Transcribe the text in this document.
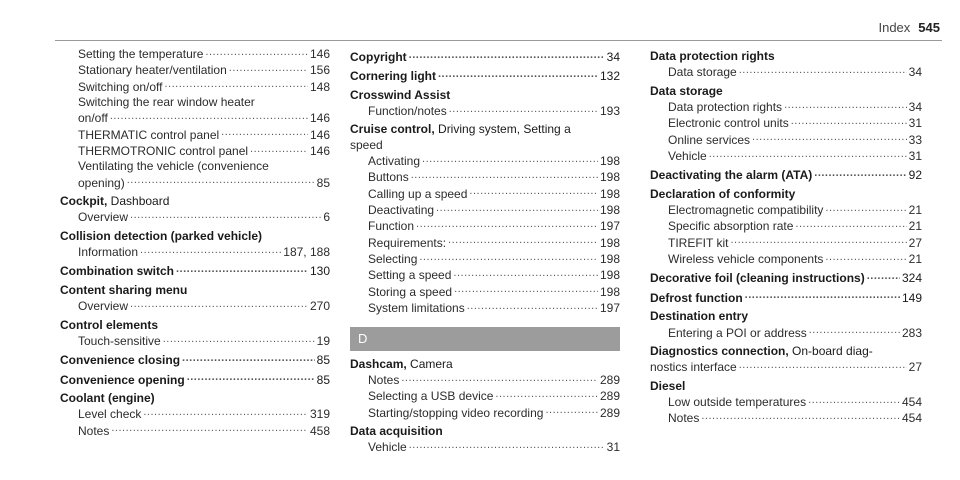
Index 545
Setting the temperature .....	146
Stationary heater/ventilation .....	156
Switching on/off .....	148
Switching the rear window heater
on/off .....	146
THERMATIC control panel .....	146
THERMOTRONIC control panel .....	146
Ventilating the vehicle (convenience
opening) .....	85
Cockpit, Dashboard
Overview .....	6
Collision detection (parked vehicle)
Information .....	187, 188
Combination switch .....	130
Content sharing menu
Overview .....	270
Control elements
Touch-sensitive .....	19
Convenience closing .....	85
Convenience opening .....	85
Coolant (engine)
Level check .....	319
Notes .....	458
Copyright .....	34
Cornering light .....	132
Crosswind Assist
Function/notes .....	193
Cruise control, Driving system, Setting a
speed
Activating .....	198
Buttons .....	198
Calling up a speed .....	198
Deactivating .....	198
Function .....	197
Requirements: .....	198
Selecting .....	198
Setting a speed .....	198
Storing a speed .....	198
System limitations .....	197
D
Dashcam, Camera
Notes .....	289
Selecting a USB device .....	289
Starting/stopping video recording .....	289
Data acquisition
Vehicle .....	31
Data protection rights
Data storage .....	34
Data storage
Data protection rights .....	34
Electronic control units .....	31
Online services .....	33
Vehicle .....	31
Deactivating the alarm (ATA) .....	92
Declaration of conformity
Electromagnetic compatibility .....	21
Specific absorption rate .....	21
TIREFIT kit .....	27
Wireless vehicle components .....	21
Decorative foil (cleaning instructions) .....	324
Defrost function .....	149
Destination entry
Entering a POI or address .....	283
Diagnostics connection, On-board diag-
nostics interface .....	27
Diesel
Low outside temperatures .....	454
Notes .....	454
